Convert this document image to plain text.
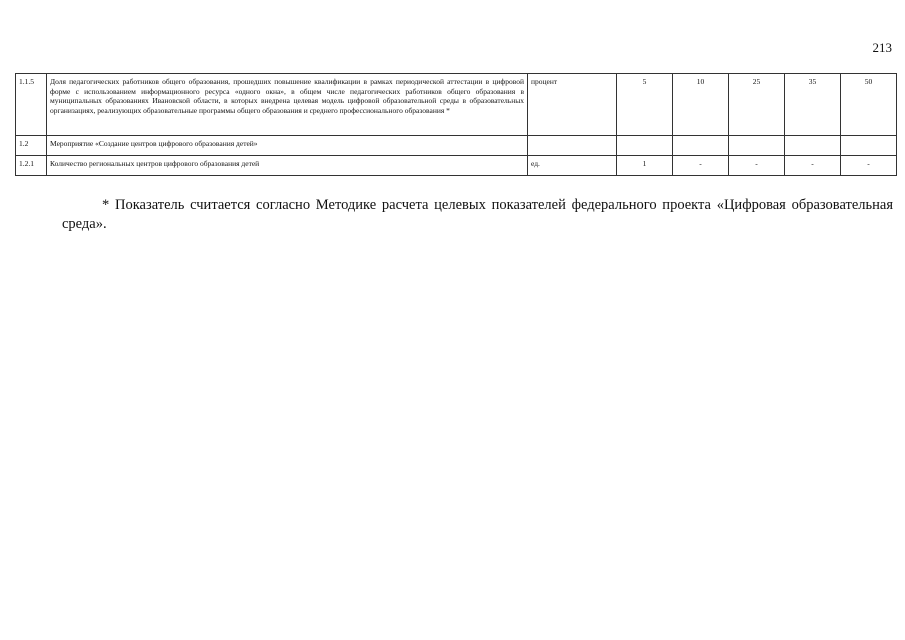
213
1.1.5	Доля педагогических работников общего образования, прошедших повышение квалификации в рамках периодической аттестации в цифровой форме с использованием информационного ресурса «одного окна», в общем числе педагогических работников общего образования в муниципальных образованиях Ивановской области, в которых внедрена целевая модель цифровой образовательной среды в образовательных организациях, реализующих образовательные программы общего образования и среднего профессионального образования *	процент	5	10	25	35	50
1.2	Мероприятие «Создание центров цифрового образования детей»						
1.2.1	Количество региональных центров цифрового образования детей	ед.	1	-	-	-	-
* Показатель считается согласно Методике расчета целевых показателей федерального проекта «Цифровая образовательная среда».
